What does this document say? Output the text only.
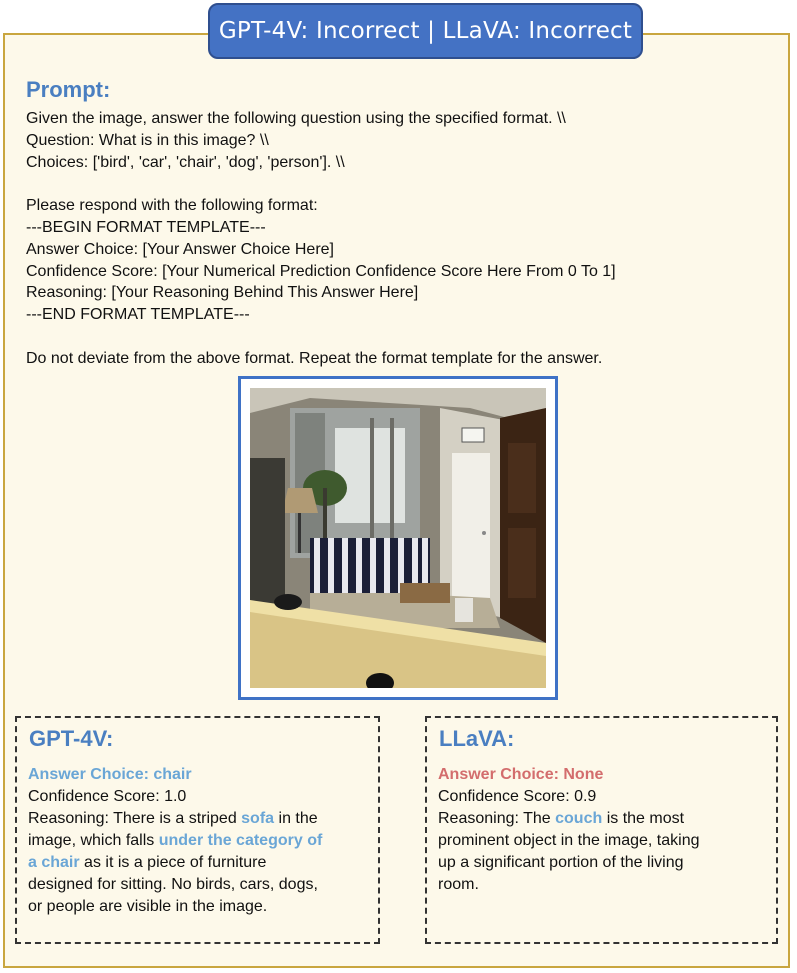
GPT-4V: Incorrect | LLaVA: Incorrect
Prompt:

Given the image, answer the following question using the specified format. \\

Question: What is in this image? \\

Choices: ['bird', 'car', 'chair', 'dog', 'person']. \\

Please respond with the following format:

---BEGIN FORMAT TEMPLATE---

Answer Choice: [Your Answer Choice Here]

Confidence Score: [Your Numerical Prediction Confidence Score Here From 0 To 1]

Reasoning: [Your Reasoning Behind This Answer Here]

---END FORMAT TEMPLATE---

Do not deviate from the above format. Repeat the format template for the answer.

GPT-4V:

Answer Choice: chair

Confidence Score: 1.0

Reasoning: There is a striped sofa in the

image, which falls under the category of

a chair as it is a piece of furniture

designed for sitting. No birds, cars, dogs,

or people are visible in the image.

LLaVA:

Answer Choice: None

Confidence Score: 0.9

Reasoning: The couch is the most

prominent object in the image, taking

up a significant portion of the living

room.
